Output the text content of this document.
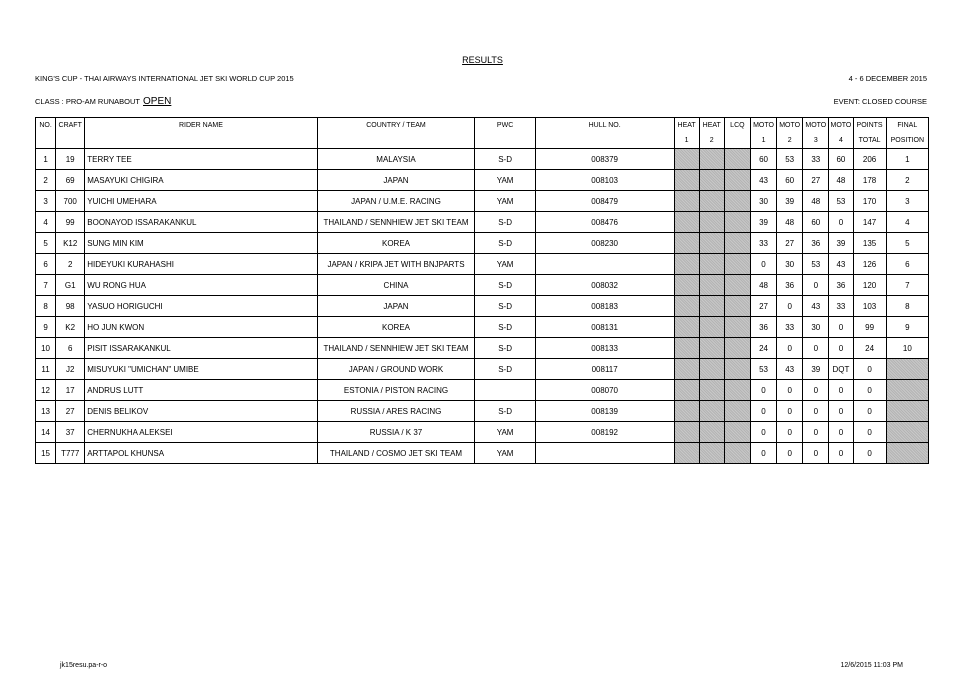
RESULTS
KING'S CUP - THAI AIRWAYS INTERNATIONAL JET SKI WORLD CUP 2015	4 - 6 DECEMBER 2015
CLASS : PRO-AM RUNABOUT OPEN	EVENT: CLOSED COURSE
NO.	CRAFT	RIDER NAME	COUNTRY / TEAM	PWC	HULL NO.	HEAT	HEAT	LCQ	MOTO	MOTO	MOTO	MOTO	POINTS	FINAL
						1	2		1	2	3	4	TOTAL	POSITION
1	19	TERRY TEE	MALAYSIA	S-D	008379				60	53	33	60	206	1
2	69	MASAYUKI CHIGIRA	JAPAN	YAM	008103				43	60	27	48	178	2
3	700	YUICHI UMEHARA	JAPAN / U.M.E. RACING	YAM	008479				30	39	48	53	170	3
4	99	BOONAYOD ISSARAKANKUL	THAILAND / SENNHIEW JET SKI TEAM	S-D	008476				39	48	60	0	147	4
5	K12	SUNG MIN KIM	KOREA	S-D	008230				33	27	36	39	135	5
6	2	HIDEYUKI KURAHASHI	JAPAN / KRIPA JET WITH BNJPARTS	YAM					0	30	53	43	126	6
7	G1	WU RONG HUA	CHINA	S-D	008032				48	36	0	36	120	7
8	98	YASUO HORIGUCHI	JAPAN	S-D	008183				27	0	43	33	103	8
9	K2	HO JUN KWON	KOREA	S-D	008131				36	33	30	0	99	9
10	6	PISIT ISSARAKANKUL	THAILAND / SENNHIEW JET SKI TEAM	S-D	008133				24	0	0	0	24	10
11	J2	MISUYUKI "UMICHAN" UMIBE	JAPAN / GROUND WORK	S-D	008117				53	43	39	DQT	0	
12	17	ANDRUS LUTT	ESTONIA / PISTON RACING		008070				0	0	0	0	0	
13	27	DENIS BELIKOV	RUSSIA / ARES RACING	S-D	008139				0	0	0	0	0	
14	37	CHERNUKHA ALEKSEI	RUSSIA / K 37	YAM	008192				0	0	0	0	0	
15	T777	ARTTAPOL KHUNSA	THAILAND / COSMO JET SKI TEAM	YAM					0	0	0	0	0	
jk15resu.pa-r-o	12/6/2015 11:03 PM
